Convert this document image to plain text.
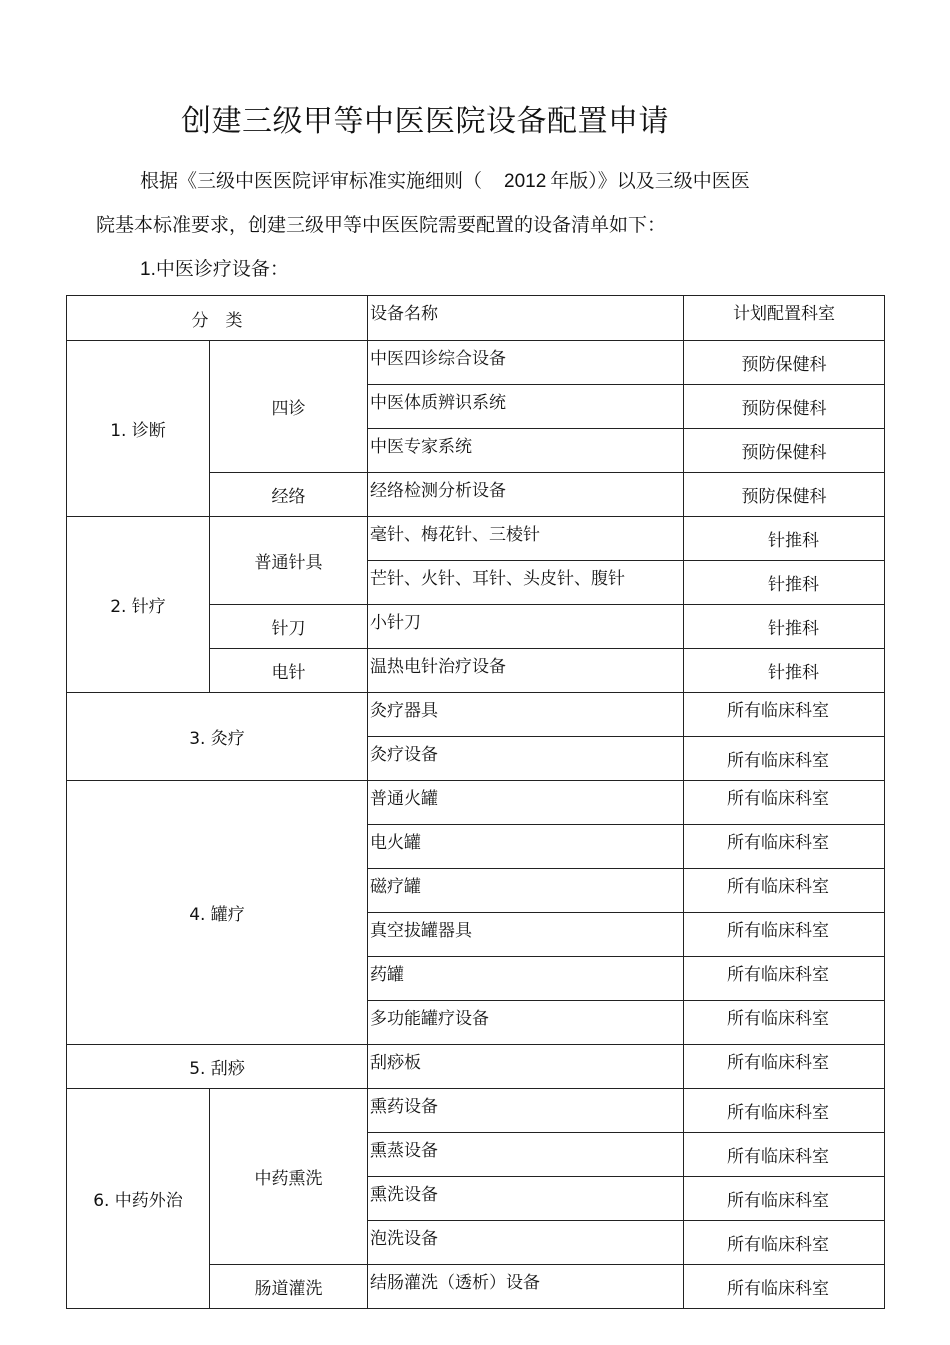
创建三级甲等中医医院设备配置申请
根据《三级中医医院评审标准实施细则（ 2012 年版）》以及三级中医医
院基本标准要求，创建三级甲等中医医院需要配置的设备清单如下：
1.中医诊疗设备：
分　类		设备名称	计划配置科室
1. 诊断	四诊	中医四诊综合设备	预防保健科
		中医体质辨识系统	预防保健科
		中医专家系统	预防保健科
	经络	经络检测分析设备	预防保健科
2. 针疗	普通针具	毫针、梅花针、三棱针	针推科
		芒针、火针、耳针、头皮针、腹针	针推科
	针刀	小针刀	针推科
	电针	温热电针治疗设备	针推科
3. 灸疗		灸疗器具	所有临床科室
		灸疗设备	所有临床科室
4. 罐疗		普通火罐	所有临床科室
		电火罐	所有临床科室
		磁疗罐	所有临床科室
		真空拔罐器具	所有临床科室
		药罐	所有临床科室
		多功能罐疗设备	所有临床科室
5. 刮痧		刮痧板	所有临床科室
6. 中药外治	中药熏洗	熏药设备	所有临床科室
		熏蒸设备	所有临床科室
		熏洗设备	所有临床科室
		泡洗设备	所有临床科室
	肠道灌洗	结肠灌洗（透析）设备	所有临床科室
